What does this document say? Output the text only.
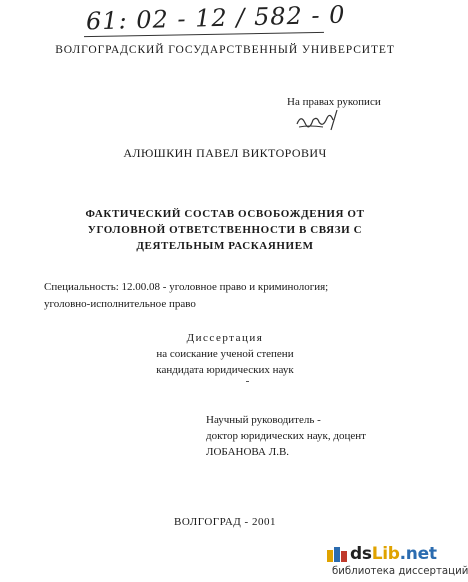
61: 02 - 12 / 582 - 0
ВОЛГОГРАДСКИЙ ГОСУДАРСТВЕННЫЙ УНИВЕРСИТЕТ
На правах рукописи
АЛЮШКИН ПАВЕЛ ВИКТОРОВИЧ
ФАКТИЧЕСКИЙ СОСТАВ ОСВОБОЖДЕНИЯ ОТ
УГОЛОВНОЙ ОТВЕТСТВЕННОСТИ В СВЯЗИ С
ДЕЯТЕЛЬНЫМ РАСКАЯНИЕМ
Специальность: 12.00.08 - уголовное право и криминология;
уголовно-исполнительное право
Диссертация
на соискание ученой степени
кандидата юридических наук
Научный руководитель -
доктор юридических наук, доцент
ЛОБАНОВА Л.В.
ВОЛГОГРАД - 2001
dsLib.net
библиотека диссертаций
